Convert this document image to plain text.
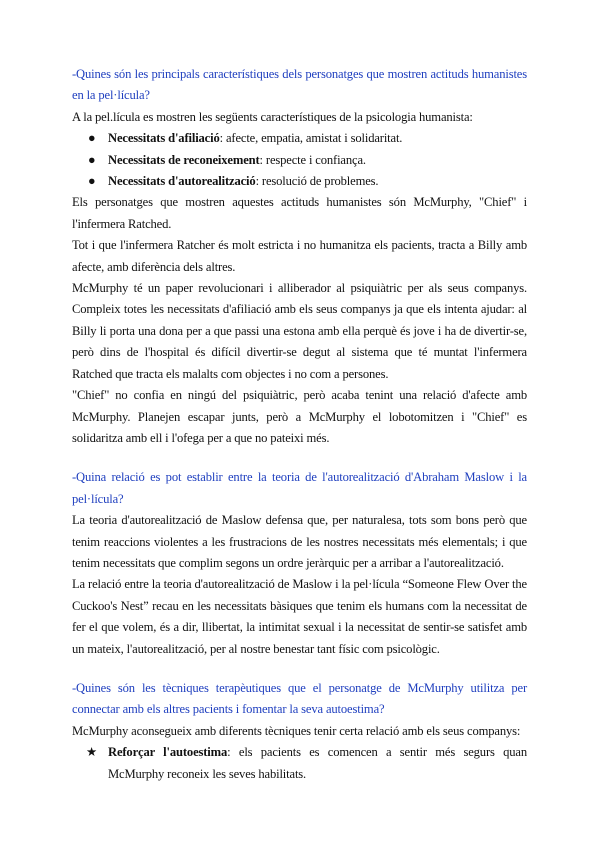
-Quines són les principals característiques dels personatges que mostren actituds humanistes en la pel·lícula?

A la pel.lícula es mostren les següents característiques de la psicologia humanista:

● Necessitats d'afiliació: afecte, empatia, amistat i solidaritat.
● Necessitats de reconeixement: respecte i confiança.
● Necessitats d'autorealització: resolució de problemes.

Els personatges que mostren aquestes actituds humanistes són McMurphy, "Chief" i l'infermera Ratched.

Tot i que l'infermera Ratcher és molt estricta i no humanitza els pacients, tracta a Billy amb afecte, amb diferència dels altres.

McMurphy té un paper revolucionari i alliberador al psiquiàtric per als seus companys. Compleix totes les necessitats d'afiliació amb els seus companys ja que els intenta ajudar: al Billy li porta una dona per a que passi una estona amb ella perquè és jove i ha de divertir-se, però dins de l'hospital és difícil divertir-se degut al sistema que té muntat l'infermera Ratched que tracta els malalts com objectes i no com a persones.

"Chief" no confia en ningú del psiquiàtric, però acaba tenint una relació d'afecte amb McMurphy. Planejen escapar junts, però a McMurphy el lobotomitzen i "Chief" es solidaritza amb ell i l'ofega per a que no pateixi més.

-Quina relació es pot establir entre la teoria de l'autorealització d'Abraham Maslow i la pel·lícula?

La teoria d'autorealització de Maslow defensa que, per naturalesa, tots som bons però que tenim reaccions violentes a les frustracions de les nostres necessitats més elementals; i que tenim necessitats que complim segons un ordre jeràrquic per a arribar a l'autorealització.

La relació entre la teoria d'autorealització de Maslow i la pel·lícula “Someone Flew Over the Cuckoo's Nest” recau en les necessitats bàsiques que tenim els humans com la necessitat de fer el que volem, és a dir, llibertat, la intimitat sexual i la necessitat de sentir-se satisfet amb un mateix, l'autorealització, per al nostre benestar tant físic com psicològic.

-Quines són les tècniques terapèutiques que el personatge de McMurphy utilitza per connectar amb els altres pacients i fomentar la seva autoestima?

McMurphy aconsegueix amb diferents tècniques tenir certa relació amb els seus companys:

★ Reforçar l'autoestima: els pacients es comencen a sentir més segurs quan McMurphy reconeix les seves habilitats.
